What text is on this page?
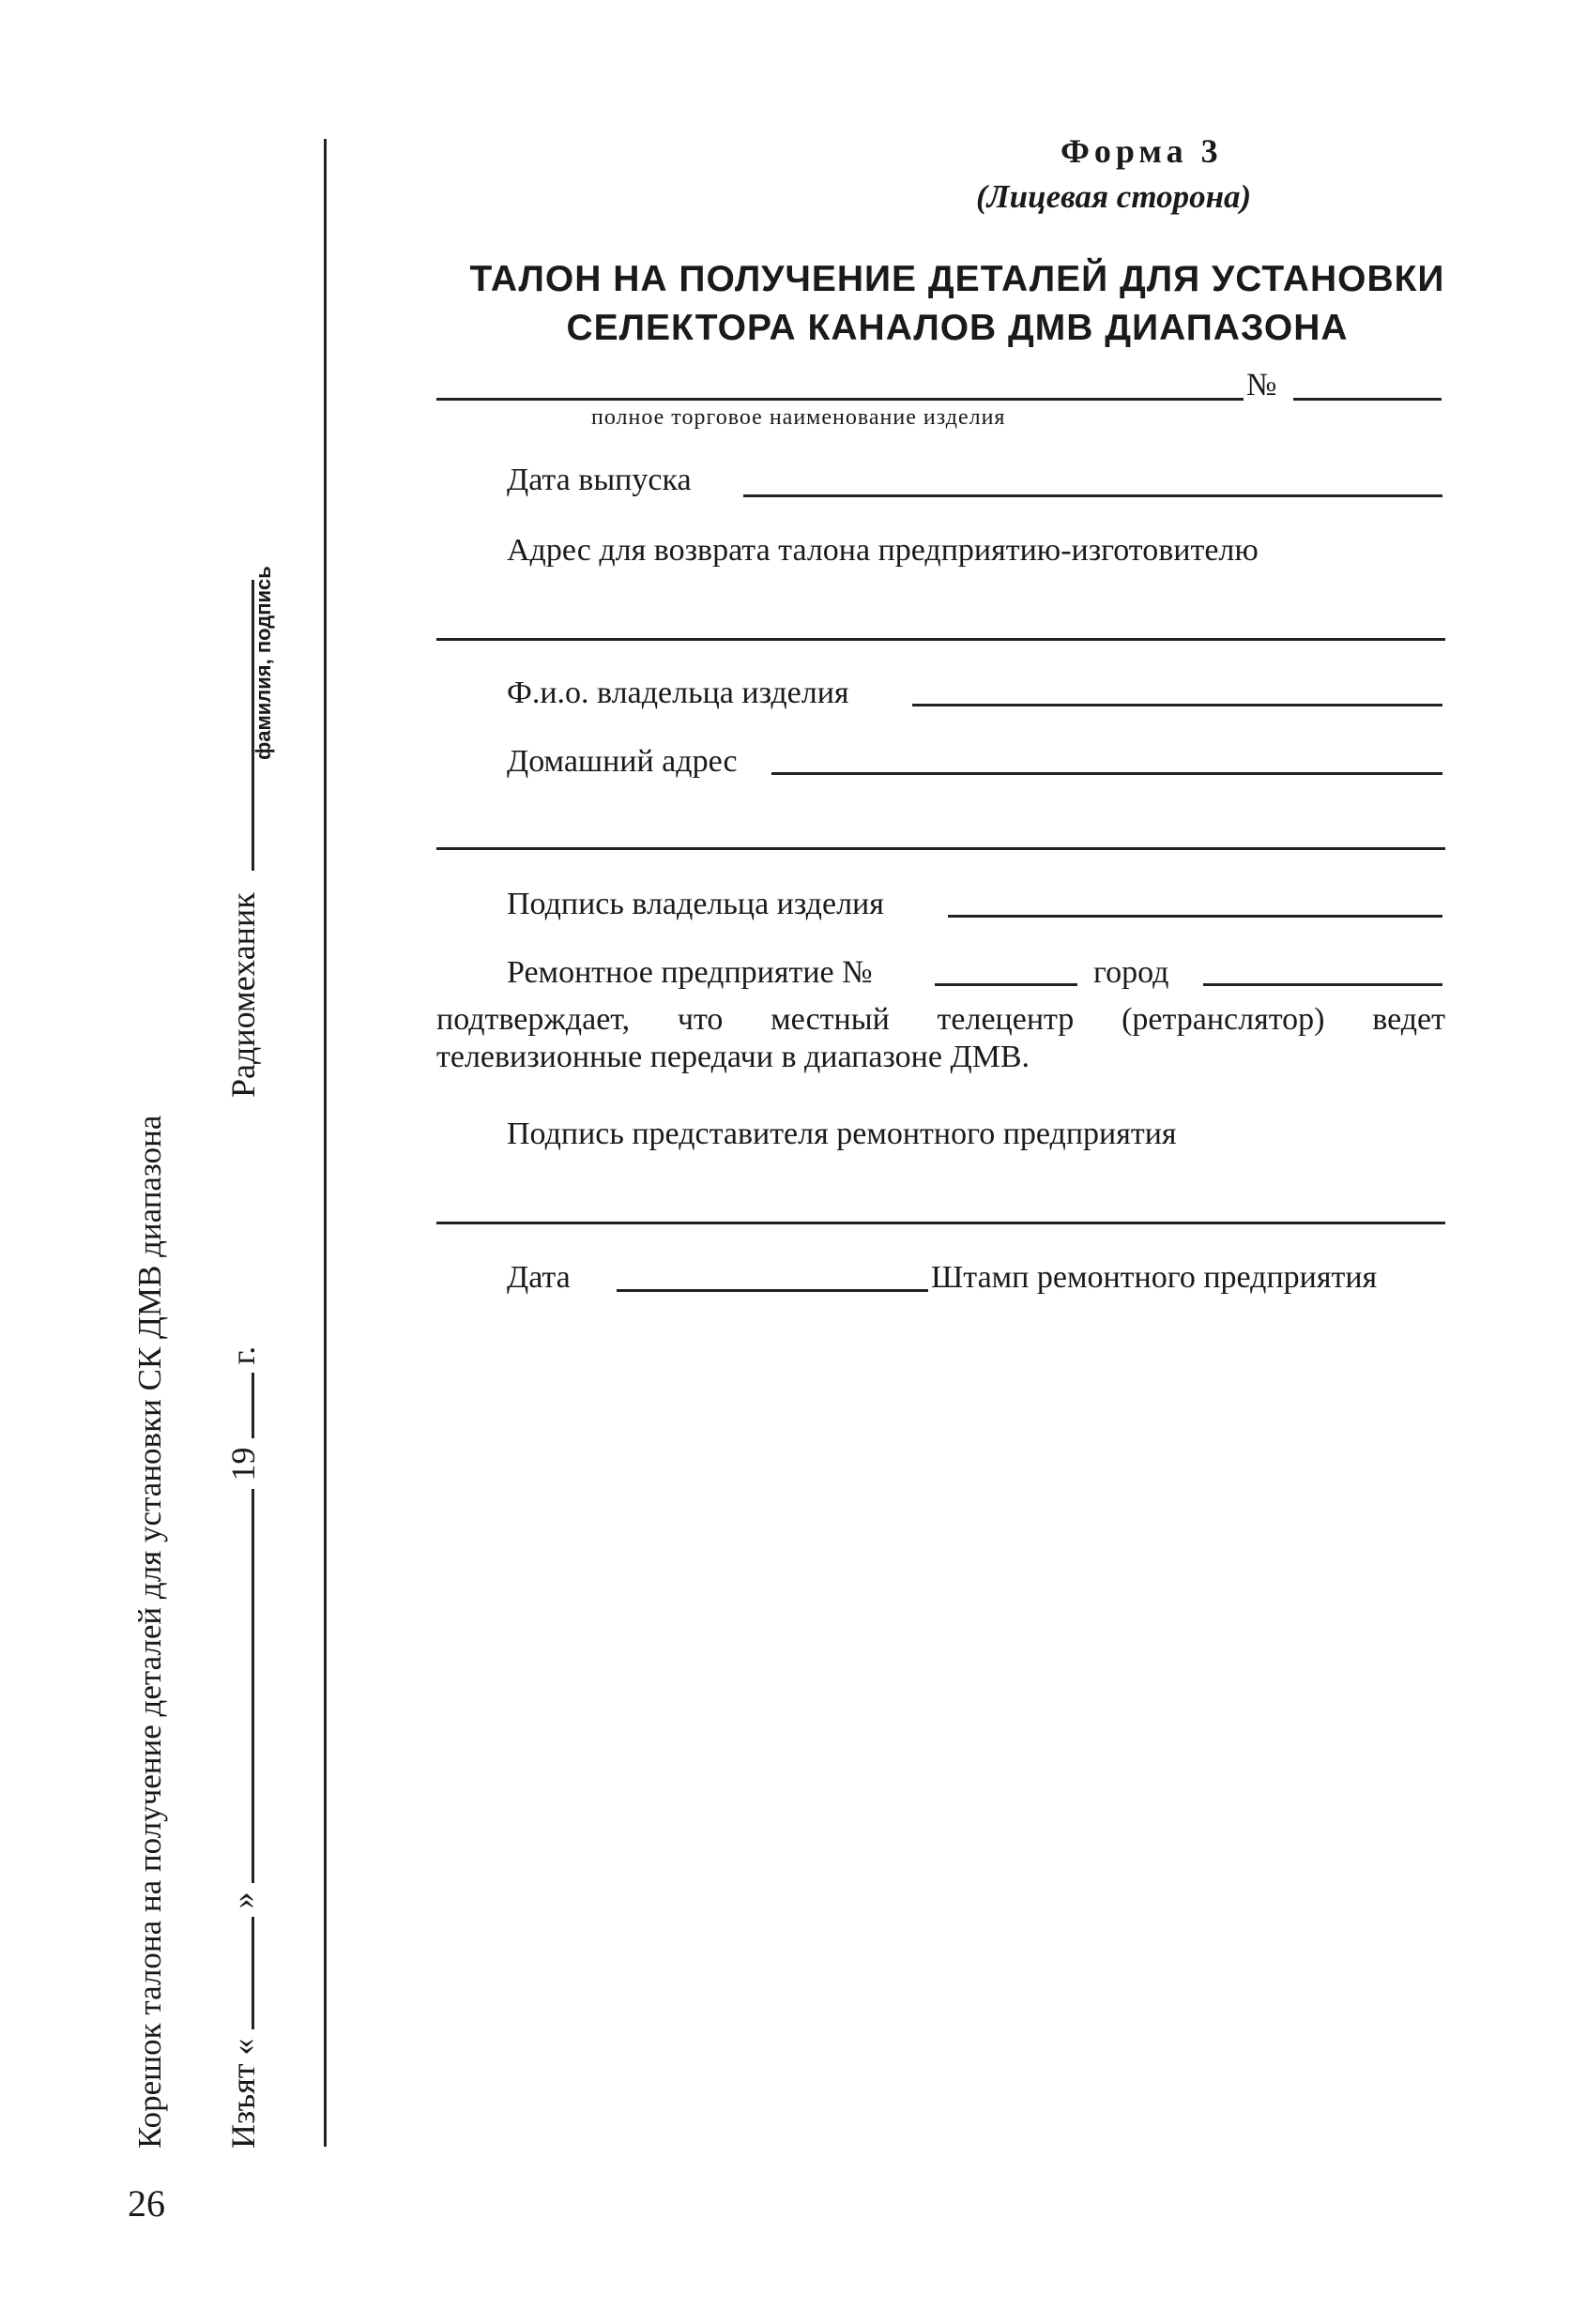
Форма 3
(Лицевая сторона)
ТАЛОН НА ПОЛУЧЕНИЕ ДЕТАЛЕЙ ДЛЯ УСТАНОВКИ
СЕЛЕКТОРА КАНАЛОВ ДМВ ДИАПАЗОНА
№
полное торговое наименование изделия
Дата выпуска
Адрес для возврата талона предприятию-изготовителю
Ф.и.о. владельца изделия
Домашний адрес
Подпись владельца изделия
Ремонтное предприятие №	город
подтверждает, что местный телецентр (ретранслятор) ведет телевизионные передачи в диапазоне ДМВ.
Подпись представителя ремонтного предприятия
Дата	Штамп ремонтного предприятия
Корешок талона на получение деталей для установки СК ДМВ диапазона Изъят «  »  19  г.
Радиомеханик
фамилия, подпись
26
